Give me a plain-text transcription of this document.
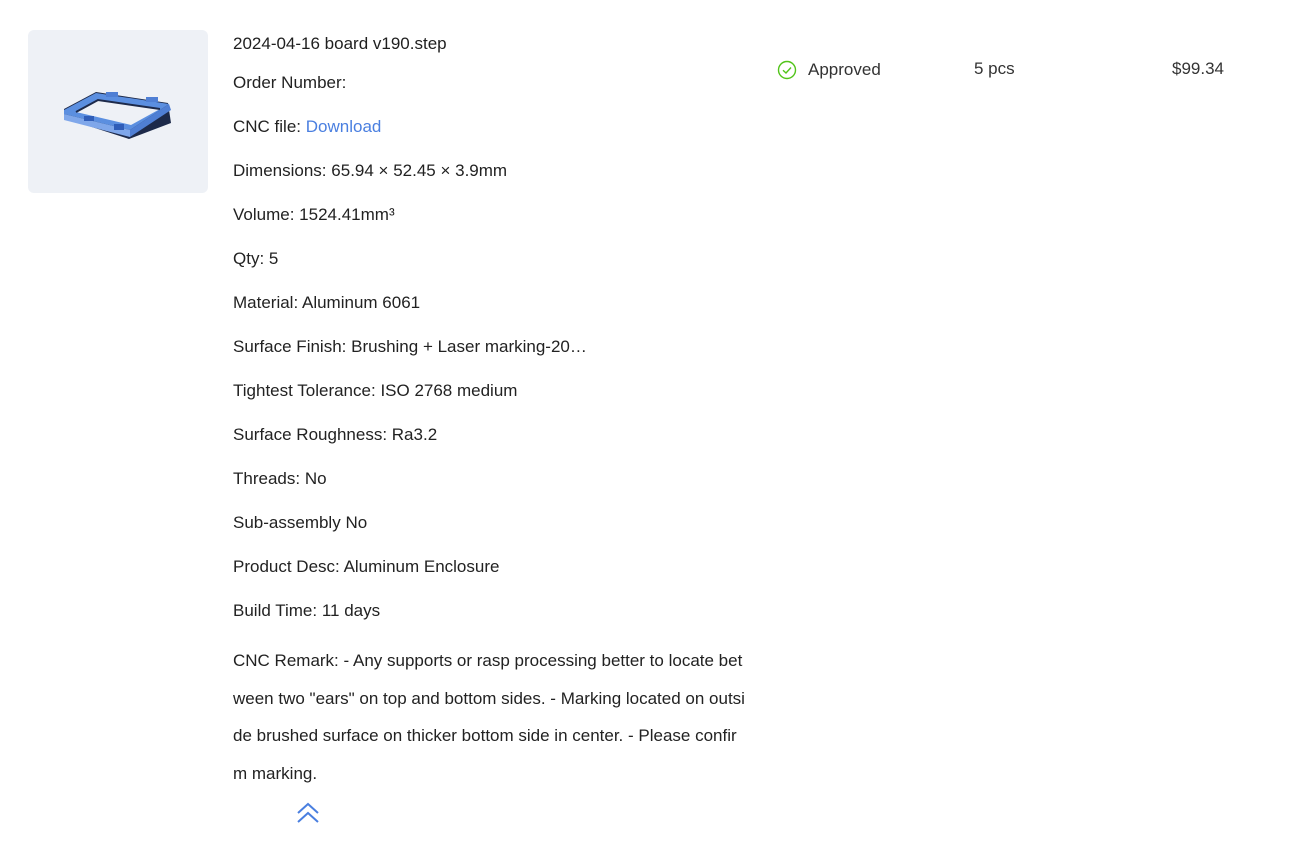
2024-04-16 board v190.step
Order Number:
CNC file: Download
Dimensions: 65.94 × 52.45 × 3.9mm
Volume: 1524.41mm³
Qty: 5
Material: Aluminum 6061
Surface Finish: Brushing + Laser marking-20…
Tightest Tolerance: ISO 2768 medium
Surface Roughness: Ra3.2
Threads: No
Sub-assembly No
Product Desc: Aluminum Enclosure
Build Time: 11 days
CNC Remark: - Any supports or rasp processing better to locate between two "ears" on top and bottom sides. - Marking located on outside brushed surface on thicker bottom side in center. - Please confirm marking.
Approved	5 pcs	$99.34
